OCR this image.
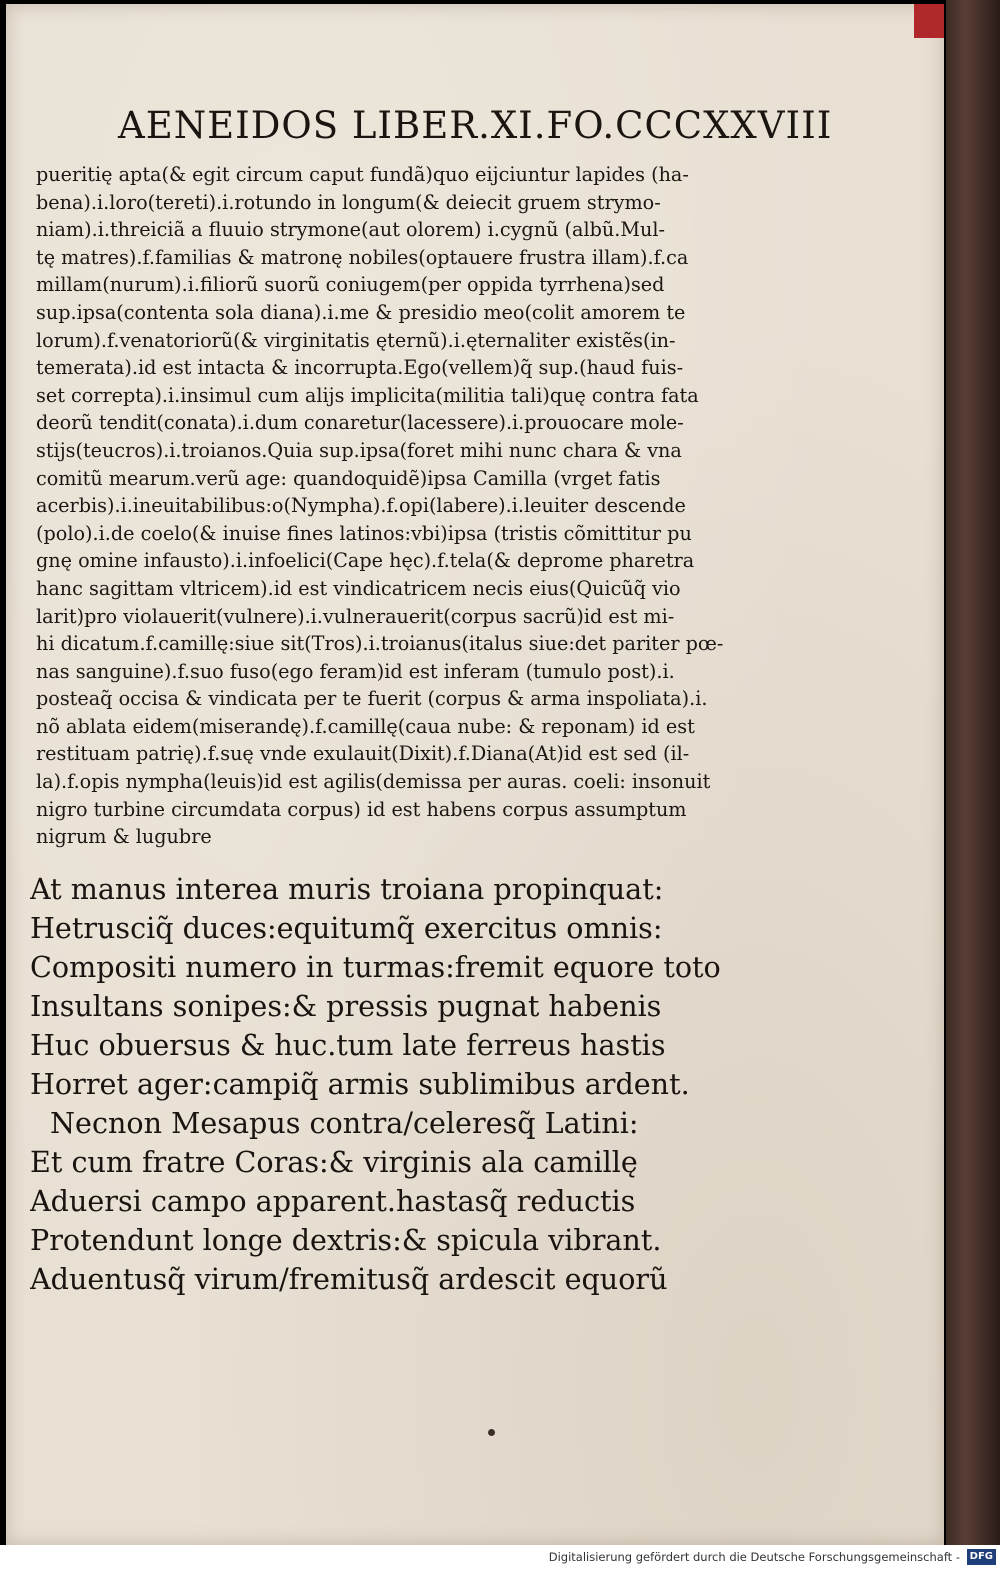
AENEIDOS LIBER.XI.FO.CCCXXVIII
pueritię apta(& egit circum caput fundã)quo eijciuntur lapides (ha-
bena).i.loro(tereti).i.rotundo in longum(& deiecit gruem strymo-
niam).i.threiciã a fluuio strymone(aut olorem) i.cygnũ (albũ.Mul-
tę matres).f.familias & matronę nobiles(optauere frustra illam).f.ca
millam(nurum).i.filiorũ suorũ coniugem(per oppida tyrrhena)sed
sup.ipsa(contenta sola diana).i.me & presidio meo(colit amorem te
lorum).f.venatoriorũ(& virginitatis ęternũ).i.ęternaliter existẽs(in-
temerata).id est intacta & incorrupta.Ego(vellem)q̃ sup.(haud fuis-
set correpta).i.insimul cum alijs implicita(militia tali)quę contra fata
deorũ tendit(conata).i.dum conaretur(lacessere).i.prouocare mole-
stijs(teucros).i.troianos.Quia sup.ipsa(foret mihi nunc chara & vna
comitũ mearum.verũ age: quandoquidẽ)ipsa Camilla (vrget fatis
acerbis).i.ineuitabilibus:o(Nympha).f.opi(labere).i.leuiter descende
(polo).i.de coelo(& inuise fines latinos:vbi)ipsa (tristis cõmittitur pu
gnę omine infausto).i.infoelici(Cape hęc).f.tela(& deprome pharetra
hanc sagittam vltricem).id est vindicatricem necis eius(Quicũq̃ vio
larit)pro violauerit(vulnere).i.vulnerauerit(corpus sacrũ)id est mi-
hi dicatum.f.camillę:siue sit(Tros).i.troianus(italus siue:det pariter pœ-
nas sanguine).f.suo fuso(ego feram)id est inferam (tumulo post).i.
posteaq̃ occisa & vindicata per te fuerit (corpus & arma inspoliata).i.
nõ ablata eidem(miserandę).f.camillę(caua nube: & reponam) id est
restituam patrię).f.suę vnde exulauit(Dixit).f.Diana(At)id est sed (il-
la).f.opis nympha(leuis)id est agilis(demissa per auras. coeli: insonuit
nigro turbine circumdata corpus) id est habens corpus assumptum
nigrum & lugubre
At manus interea muris troiana propinquat:
Hetrusciq̃ duces:equitumq̃ exercitus omnis:
Compositi numero in turmas:fremit equore toto
Insultans sonipes:& pressis pugnat habenis
Huc obuersus & huc.tum late ferreus hastis
Horret ager:campiq̃ armis sublimibus ardent.
Necnon Mesapus contra/celeresq̃ Latini:
Et cum fratre Coras:& virginis ala camillę
Aduersi campo apparent.hastasq̃ reductis
Protendunt longe dextris:& spicula vibrant.
Aduentusq̃ virum/fremitusq̃ ardescit equorũ
Digitalisierung gefördert durch die Deutsche Forschungsgemeinschaft - DFG
